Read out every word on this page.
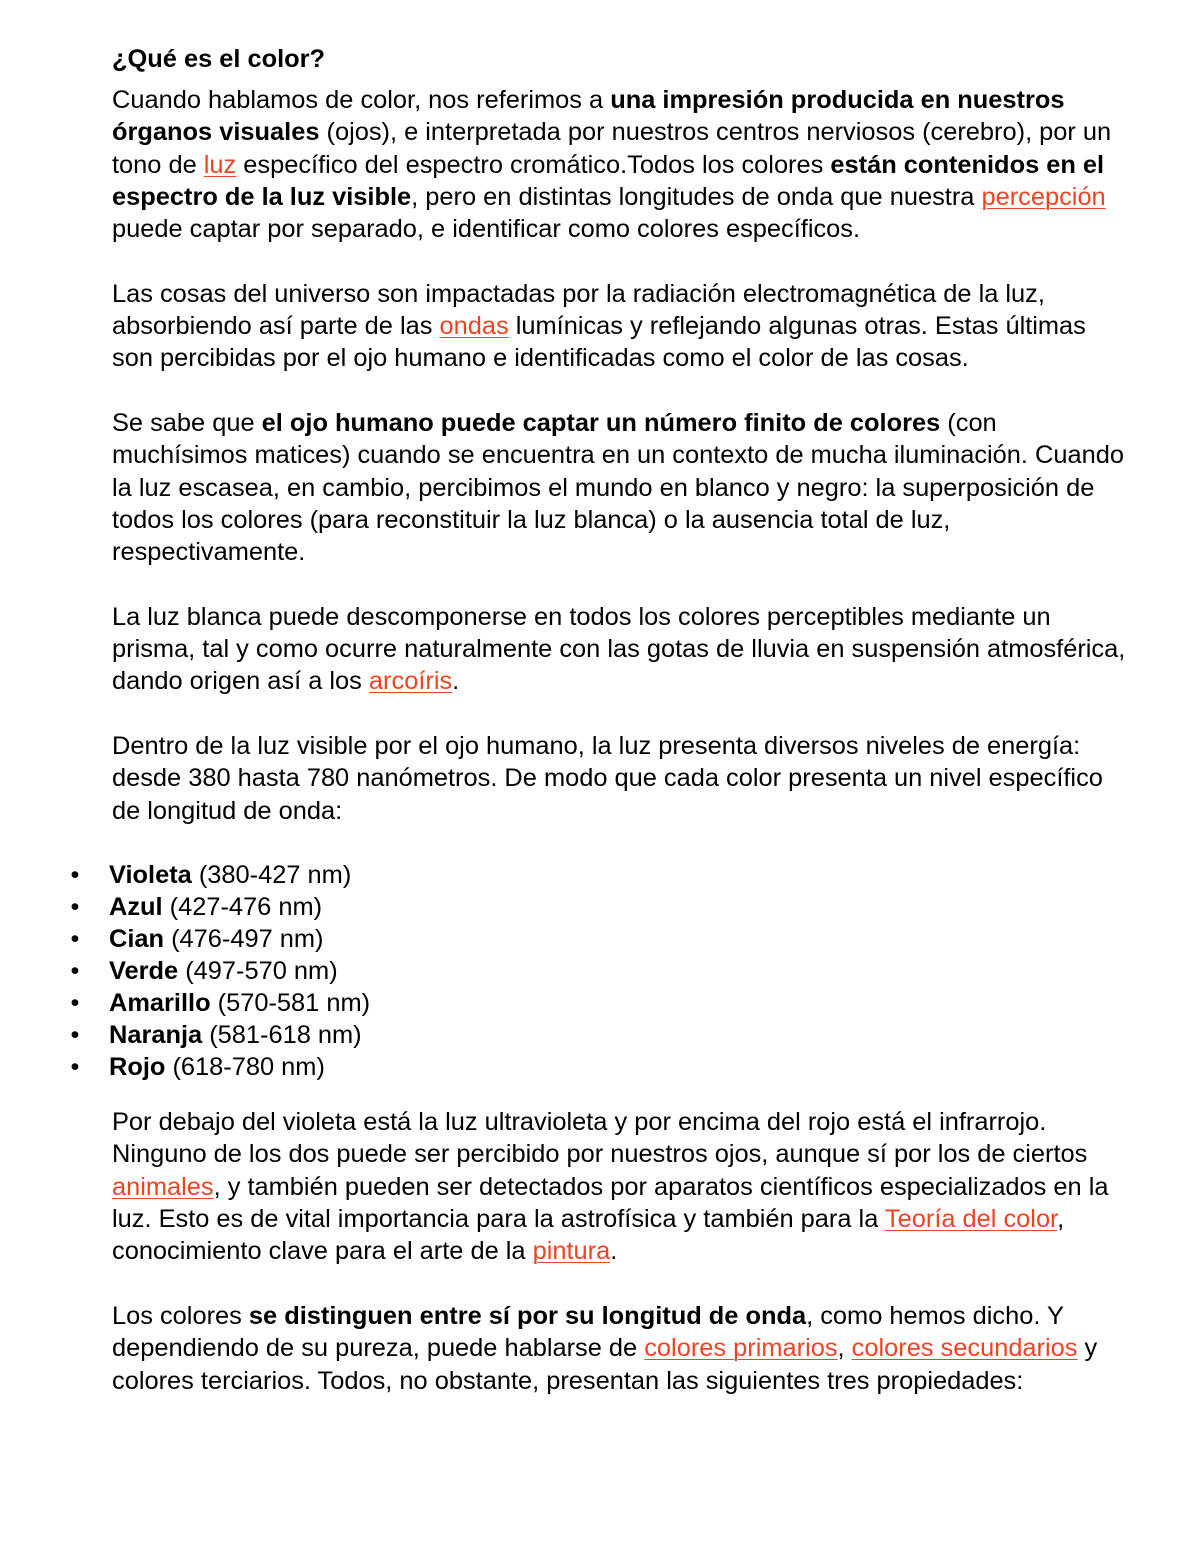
¿Qué es el color?

Cuando hablamos de color, nos referimos a una impresión producida en nuestros órganos visuales (ojos), e interpretada por nuestros centros nerviosos (cerebro), por un tono de luz específico del espectro cromático.Todos los colores están contenidos en el espectro de la luz visible, pero en distintas longitudes de onda que nuestra percepción puede captar por separado, e identificar como colores específicos.

Las cosas del universo son impactadas por la radiación electromagnética de la luz, absorbiendo así parte de las ondas lumínicas y reflejando algunas otras. Estas últimas son percibidas por el ojo humano e identificadas como el color de las cosas.

Se sabe que el ojo humano puede captar un número finito de colores (con muchísimos matices) cuando se encuentra en un contexto de mucha iluminación. Cuando la luz escasea, en cambio, percibimos el mundo en blanco y negro: la superposición de todos los colores (para reconstituir la luz blanca) o la ausencia total de luz, respectivamente.

La luz blanca puede descomponerse en todos los colores perceptibles mediante un prisma, tal y como ocurre naturalmente con las gotas de lluvia en suspensión atmosférica, dando origen así a los arcoíris.

Dentro de la luz visible por el ojo humano, la luz presenta diversos niveles de energía: desde 380 hasta 780 nanómetros. De modo que cada color presenta un nivel específico de longitud de onda:

• Violeta (380-427 nm)
• Azul (427-476 nm)
• Cian (476-497 nm)
• Verde (497-570 nm)
• Amarillo (570-581 nm)
• Naranja (581-618 nm)
• Rojo (618-780 nm)

Por debajo del violeta está la luz ultravioleta y por encima del rojo está el infrarrojo. Ninguno de los dos puede ser percibido por nuestros ojos, aunque sí por los de ciertos animales, y también pueden ser detectados por aparatos científicos especializados en la luz. Esto es de vital importancia para la astrofísica y también para la Teoría del color, conocimiento clave para el arte de la pintura.

Los colores se distinguen entre sí por su longitud de onda, como hemos dicho. Y dependiendo de su pureza, puede hablarse de colores primarios, colores secundarios y colores terciarios. Todos, no obstante, presentan las siguientes tres propiedades:
